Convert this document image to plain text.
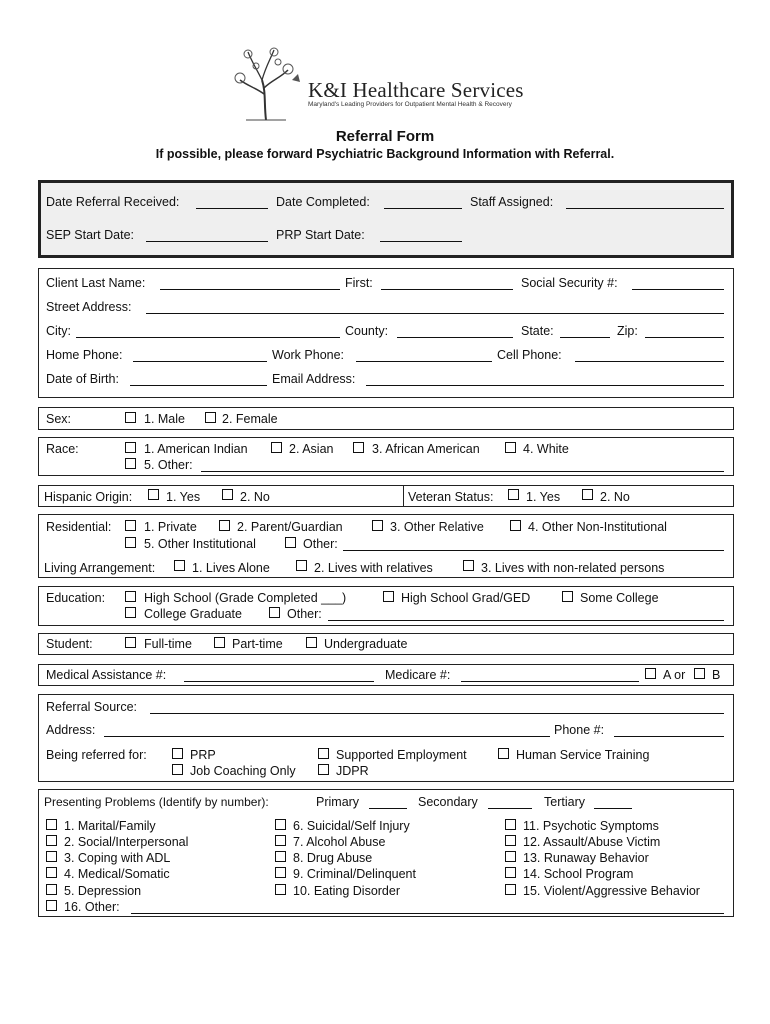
K&I Healthcare Services
Maryland's Leading Providers for Outpatient Mental Health & Recovery
Referral Form
If possible, please forward Psychiatric Background Information with Referral.
Date Referral Received:	Date Completed:	Staff Assigned:
SEP Start Date:	PRP Start Date:
Client Last Name:	First:	Social Security #:
Street Address:
City:	County:	State:	Zip:
Home Phone:	Work Phone:	Cell Phone:
Date of Birth:	Email Address:
Sex:	1. Male	2. Female
Race:	1. American Indian	2. Asian	3. African American	4. White
5. Other:
Hispanic Origin:	1. Yes	2. No	Veteran Status:	1. Yes	2. No
Residential:	1. Private	2. Parent/Guardian	3. Other Relative	4. Other Non-Institutional
5. Other Institutional	Other:
Living Arrangement:	1. Lives Alone	2. Lives with relatives	3. Lives with non-related persons
Education:	High School (Grade Completed ___)	High School Grad/GED	Some College
College Graduate	Other:
Student:	Full-time	Part-time	Undergraduate
Medical Assistance #:	Medicare #:	A or B
Referral Source:
Address:	Phone #:
Being referred for:	PRP	Supported Employment	Human Service Training
Job Coaching Only	JDPR
Presenting Problems (Identify by number):	Primary	Secondary	Tertiary
1. Marital/Family
2. Social/Interpersonal
3. Coping with ADL
4. Medical/Somatic
5. Depression
16. Other:
6. Suicidal/Self Injury
7. Alcohol Abuse
8. Drug Abuse
9. Criminal/Delinquent
10. Eating Disorder
11. Psychotic Symptoms
12. Assault/Abuse Victim
13. Runaway Behavior
14. School Program
15. Violent/Aggressive Behavior
